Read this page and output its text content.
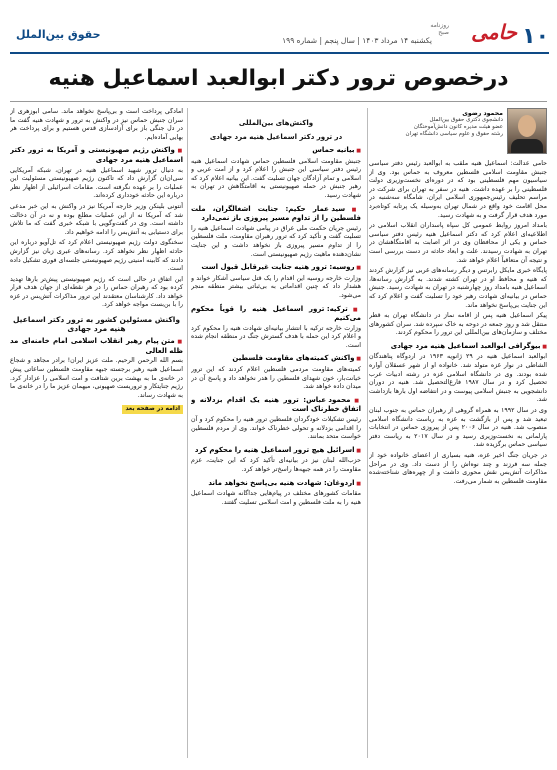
۱۰
حامی
روزنامه صبح
یکشنبه ۱۴ مرداد ۱۴۰۳ | سال پنجم | شماره ۱۹۹
حقوق بین‌الملل
درخصوص ترور دکتر ابوالعبد اسماعیل هنیه
محمود رضوی
دانشجوی دکتری حقوق بین‌الملل
عضو هیئت مدیره کانون دانش‌آموختگان
رشته حقوق و علوم سیاسی دانشگاه تهران

حامی عدالت: اسماعیل هنیه ملقب به ابوالعبد رئیس دفتر سیاسی جنبش مقاومت اسلامی فلسطین معروف به حماس بود. وی از سیاسیون مهم فلسطینی بود که در دوره‌ای نخست‌وزیری دولت فلسطینی را بر عهده داشت. هنیه در سفر به تهران برای شرکت در مراسم تحلیف رئیس‌جمهوری اسلامی ایران، شامگاه سه‌شنبه در محل اقامت خود واقع در شمال تهران به‌وسیله یک پرتابه کوتاه‌برد مورد هدف قرار گرفت و به شهادت رسید.

بامداد امروز روابط عمومی کل سپاه پاسداران انقلاب اسلامی در اطلاعیه‌ای اعلام کرد که دکتر اسماعیل هنیه رئیس دفتر سیاسی حماس و یکی از محافظان وی در اثر اصابت به اقامتگاهشان در تهران به شهادت رسیدند. علت و ابعاد حادثه در دست بررسی است و نتیجه آن متعاقباً اعلام خواهد شد.

پایگاه خبری مایکل رابرتس و دیگر رسانه‌های غربی نیز گزارش کردند که هنیه و محافظ او در تهران کشته شدند. به گزارش رسانه‌ها، اسماعیل هنیه بامداد روز چهارشنبه در تهران به شهادت رسید. جنبش حماس در بیانیه‌ای شهادت رهبر خود را تسلیت گفت و اعلام کرد که این جنایت بی‌پاسخ نخواهد ماند.

پیکر اسماعیل هنیه پس از اقامه نماز در دانشگاه تهران به قطر منتقل شد و روز جمعه در دوحه به خاک سپرده شد. سران کشورهای مختلف و سازمان‌های بین‌المللی این ترور را محکوم کردند.

■ بیوگرافی ابوالعبد اسماعیل هنیه مرد جهادی

ابوالعبد اسماعیل هنیه در ۲۹ ژانویه ۱۹۶۳ در اردوگاه پناهندگان الشاطی در نوار غزه متولد شد. خانواده او از شهر عسقلان آواره شده بودند. وی در دانشگاه اسلامی غزه در رشته ادبیات عرب تحصیل کرد و در سال ۱۹۸۷ فارغ‌التحصیل شد. هنیه در دوران دانشجویی به جنبش اسلامی پیوست و در انتفاضه اول بارها بازداشت شد.

وی در سال ۱۹۹۲ به همراه گروهی از رهبران حماس به جنوب لبنان تبعید شد و پس از بازگشت به غزه به ریاست دانشگاه اسلامی منصوب شد. هنیه در سال ۲۰۰۶ پس از پیروزی حماس در انتخابات پارلمانی به نخست‌وزیری رسید و در سال ۲۰۱۷ به ریاست دفتر سیاسی حماس برگزیده شد.

در جریان جنگ اخیر غزه، هنیه بسیاری از اعضای خانواده خود از جمله سه فرزند و چند نوه‌اش را از دست داد. وی در مراحل مذاکرات آتش‌بس نقش محوری داشت و از چهره‌های شناخته‌شده مقاومت فلسطین به شمار می‌رفت.

واکنش‌های بین‌المللی
در ترور دکتر اسماعیل هنیه مرد جهادی
■ بیانیه حماس

جنبش مقاومت اسلامی فلسطین حماس شهادت اسماعیل هنیه رئیس دفتر سیاسی این جنبش را اعلام کرد و از امت عربی و اسلامی و تمام آزادگان جهان تسلیت گفت. این بیانیه اعلام کرد که رهبر جنبش در حمله صهیونیستی به اقامتگاهش در تهران به شهادت رسید.

■ سید عمار حکیم: جنایت اشغالگران، ملت فلسطین را از تداوم مسیر پیروزی باز نمی‌دارد

رئیس جریان حکمت ملی عراق در پیامی شهادت اسماعیل هنیه را تسلیت گفت و تأکید کرد که ترور رهبران مقاومت، ملت فلسطین را از تداوم مسیر پیروزی باز نخواهد داشت و این جنایت نشان‌دهنده ماهیت رژیم صهیونیستی است.

■ روسیه: ترور هنیه جنایت غیرقابل قبول است

وزارت خارجه روسیه این اقدام را یک قتل سیاسی آشکار خواند و هشدار داد که چنین اقداماتی به بی‌ثباتی بیشتر منطقه منجر می‌شود.

■ ترکیه: ترور اسماعیل هنیه را قویاً محکوم می‌کنیم

وزارت خارجه ترکیه با انتشار بیانیه‌ای شهادت هنیه را محکوم کرد و اعلام کرد این حمله با هدف گسترش جنگ در منطقه انجام شده است.

■ واکنش کمیته‌های مقاومت فلسطین

کمیته‌های مقاومت مردمی فلسطین اعلام کردند که این ترور خیانت‌بار، خون شهدای فلسطین را هدر نخواهد داد و پاسخ آن در میدان داده خواهد شد.

■ محمود عباس: ترور هنیه یک اقدام بزدلانه و اتفاق خطرناک است

رئیس تشکیلات خودگردان فلسطین ترور هنیه را محکوم کرد و آن را اقدامی بزدلانه و تحولی خطرناک خواند. وی از مردم فلسطین خواست متحد بمانند.

■ اسرائیل هیچ ترور اسماعیل هنیه را محکوم کرد

حزب‌الله لبنان نیز در بیانیه‌ای تأکید کرد که این جنایت، عزم مقاومت را در همه جبهه‌ها راسخ‌تر خواهد کرد.

■ اردوغان: شهادت هنیه بی‌پاسخ نخواهد ماند

مقامات کشورهای مختلف در پیام‌هایی جداگانه شهادت اسماعیل هنیه را به ملت فلسطین و امت اسلامی تسلیت گفتند.

آمادگی پرداخت است و بی‌پاسخ نخواهد ماند. سامی ابوزهری از سران جنبش حماس نیز در واکنش به ترور و شهادت هنیه گفت ما در دل جنگی باز برای آزادسازی قدس هستیم و برای پرداخت هر بهایی آماده‌ایم.

■ واکنش رژیم صهیونیستی و آمریکا به ترور دکتر اسماعیل هنیه مرد جهادی

به دنبال ترور شهید اسماعیل هنیه در تهران، شبکه آمریکایی سی‌ان‌ان گزارش داد که تاکنون رژیم صهیونیستی مسئولیت این عملیات را بر عهده نگرفته است. مقامات اسرائیلی از اظهار نظر درباره این حادثه خودداری کرده‌اند.

آنتونی بلینکن وزیر خارجه آمریکا نیز در واکنش به این خبر مدعی شد که آمریکا نه از این عملیات مطلع بوده و نه در آن دخالت داشته است. وی در گفت‌وگویی با شبکه خبری گفت که ما تلاش برای دستیابی به آتش‌بس را ادامه خواهیم داد.

سخنگوی دولت رژیم صهیونیستی اعلام کرد که تل‌آویو درباره این حادثه اظهار نظر نخواهد کرد. رسانه‌های عبری زبان نیز گزارش دادند که کابینه امنیتی رژیم صهیونیستی جلسه‌ای فوری تشکیل داده است.

این اتفاق در حالی است که رژیم صهیونیستی پیش‌تر بارها تهدید کرده بود که رهبران حماس را در هر نقطه‌ای از جهان هدف قرار خواهد داد. کارشناسان معتقدند این ترور مذاکرات آتش‌بس در غزه را با بن‌بست مواجه خواهد کرد.

واکنش مسئولین کشور به ترور دکتر اسماعیل هنیه مرد جهادی
■ متن پیام رهبر انقلاب اسلامی امام خامنه‌ای مد ظله العالی

بسم الله الرحمن الرحیم. ملت عزیز ایران! برادر مجاهد و شجاع اسماعیل هنیه رهبر برجسته جبهه مقاومت فلسطین ساعاتی پیش در خانه‌ی ما به بهشت برین شتافت و امت اسلامی را عزادار کرد. رژیم جنایتکار و تروریست صهیونی، میهمان عزیز ما را در خانه‌ی ما به شهادت رساند.

ادامه در صفحه بعد
